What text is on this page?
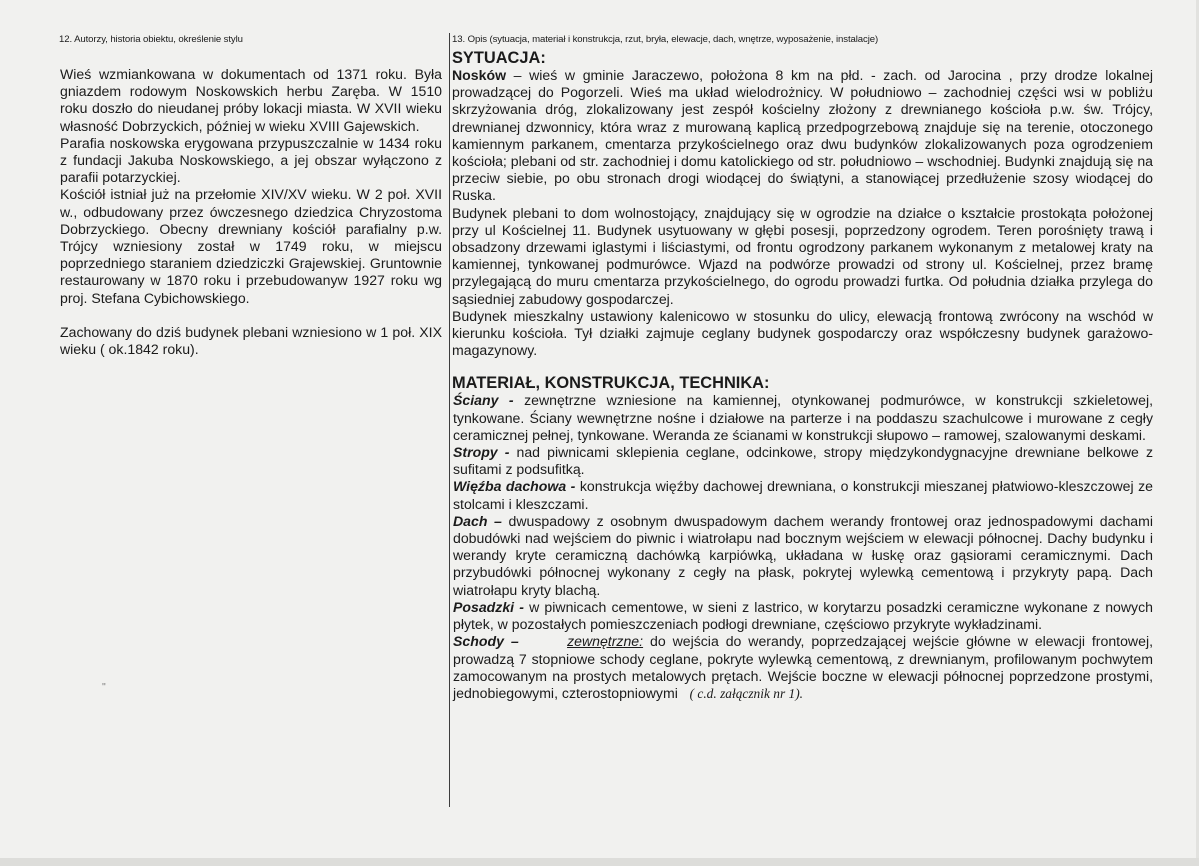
12. Autorzy, historia obiektu, określenie stylu	13. Opis (sytuacja, materiał i konstrukcja, rzut, bryła, elewacje, dach, wnętrze, wyposażenie, instalacje)

Wieś wzmiankowana w dokumentach od 1371 roku. Była gniazdem rodowym Noskowskich herbu Zaręba. W 1510 roku doszło do nieudanej próby lokacji miasta. W XVII wieku własność Dobrzyckich, później w wieku XVIII Gajewskich.

Parafia noskowska erygowana przypuszczalnie w 1434 roku z fundacji Jakuba Noskowskiego, a jej obszar wyłączono z parafii potarzyckiej.

Kościół istniał już na przełomie XIV/XV wieku. W 2 poł. XVII w., odbudowany przez ówczesnego dziedzica Chryzostoma Dobrzyckiego. Obecny drewniany kościół parafialny p.w. Trójcy wzniesiony został w 1749 roku, w miejscu poprzedniego staraniem dziedziczki Grajewskiej. Gruntownie restaurowany w 1870 roku i przebudowanyw 1927 roku wg proj. Stefana Cybichowskiego.

Zachowany do dziś budynek plebani wzniesiono w 1 poł. XIX wieku ( ok.1842 roku).

''
SYTUACJA:

Nosków – wieś w gminie Jaraczewo, położona 8 km na płd. - zach. od Jarocina , przy drodze lokalnej prowadzącej do Pogorzeli. Wieś ma układ wielodrożnicy. W południowo – zachodniej części wsi w pobliżu skrzyżowania dróg, zlokalizowany jest zespół kościelny złożony z drewnianego kościoła p.w. św. Trójcy, drewnianej dzwonnicy, która wraz z murowaną kaplicą przedpogrzebową znajduje się na terenie, otoczonego kamiennym parkanem, cmentarza przykościelnego oraz dwu budynków zlokalizowanych poza ogrodzeniem kościoła; plebani od str. zachodniej i domu katolickiego od str. południowo – wschodniej. Budynki znajdują się na przeciw siebie, po obu stronach drogi wiodącej do świątyni, a stanowiącej przedłużenie szosy wiodącej do Ruska.

Budynek plebani to dom wolnostojący, znajdujący się w ogrodzie na działce o kształcie prostokąta położonej przy ul Kościelnej 11. Budynek usytuowany w głębi posesji, poprzedzony ogrodem. Teren porośnięty trawą i obsadzony drzewami iglastymi i liściastymi, od frontu ogrodzony parkanem wykonanym z metalowej kraty na kamiennej, tynkowanej podmurówce. Wjazd na podwórze prowadzi od strony ul. Kościelnej, przez bramę przylegającą do muru cmentarza przykościelnego, do ogrodu prowadzi furtka. Od południa działka przylega do sąsiedniej zabudowy gospodarczej.

Budynek mieszkalny ustawiony kalenicowo w stosunku do ulicy, elewacją frontową zwrócony na wschód w kierunku kościoła. Tył działki zajmuje ceglany budynek gospodarczy oraz współczesny budynek garażowo- magazynowy.

MATERIAŁ, KONSTRUKCJA, TECHNIKA:

Ściany - zewnętrzne wzniesione na kamiennej, otynkowanej podmurówce, w konstrukcji szkieletowej, tynkowane. Ściany wewnętrzne nośne i działowe na parterze i na poddaszu szachulcowe i murowane z cegły ceramicznej pełnej, tynkowane. Weranda ze ścianami w konstrukcji słupowo – ramowej, szalowanymi deskami.

Stropy - nad piwnicami sklepienia ceglane, odcinkowe, stropy międzykondygnacyjne drewniane belkowe z sufitami z podsufitką.

Więźba dachowa - konstrukcja więźby dachowej drewniana, o konstrukcji mieszanej płatwiowo-kleszczowej ze stolcami i kleszczami.

Dach – dwuspadowy z osobnym dwuspadowym dachem werandy frontowej oraz jednospadowymi dachami dobudówki nad wejściem do piwnic i wiatrołapu nad bocznym wejściem w elewacji północnej. Dachy budynku i werandy kryte ceramiczną dachówką karpiówką, układana w łuskę oraz gąsiorami ceramicznymi. Dach przybudówki północnej wykonany z cegły na płask, pokrytej wylewką cementową i przykryty papą. Dach wiatrołapu kryty blachą.

Posadzki - w piwnicach cementowe, w sieni z lastrico, w korytarzu posadzki ceramiczne wykonane z nowych płytek, w pozostałych pomieszczeniach podłogi drewniane, częściowo przykryte wykładzinami.

Schody –	zewnętrzne: do wejścia do werandy, poprzedzającej wejście główne w elewacji frontowej, prowadzą 7 stopniowe schody ceglane, pokryte wylewką cementową, z drewnianym, profilowanym pochwytem zamocowanym na prostych metalowych prętach. Wejście boczne w elewacji północnej poprzedzone prostymi, jednobiegowymi, czterostopniowymi ( c.d. załącznik nr 1).
